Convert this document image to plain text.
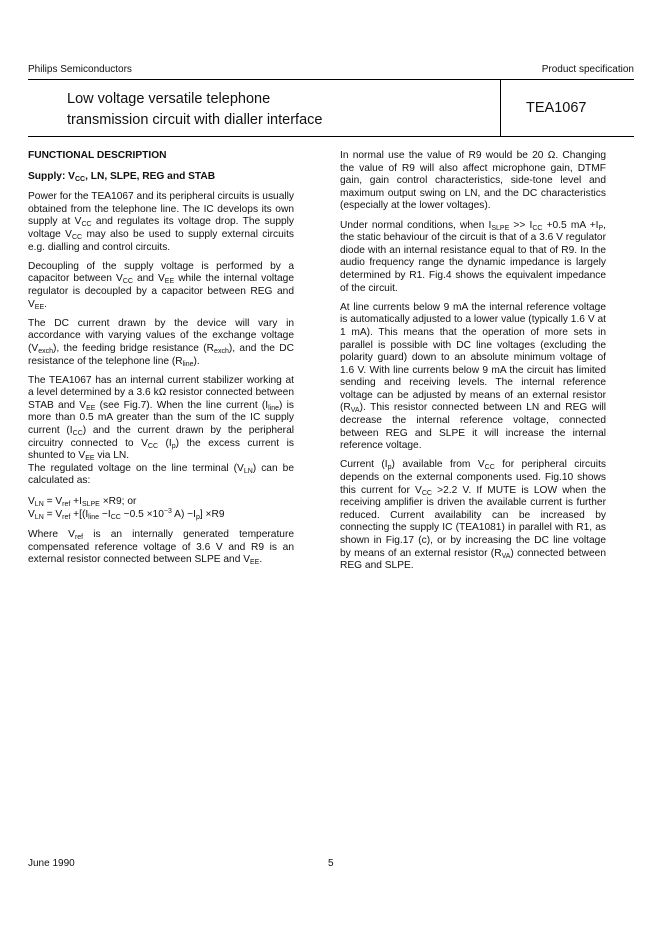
Philips Semiconductors	Product specification
Low voltage versatile telephone
transmission circuit with dialler interface
TEA1067
FUNCTIONAL DESCRIPTION
Supply: $V_{CC}$, LN, SLPE, REG and STAB

Power for the TEA1067 and its peripheral circuits is usually obtained from the telephone line. The IC develops its own supply at $V_{CC}$ and regulates its voltage drop. The supply voltage $V_{CC}$ may also be used to supply external circuits e.g. dialling and control circuits.

Decoupling of the supply voltage is performed by a capacitor between $V_{CC}$ and $V_{EE}$ while the internal voltage regulator is decoupled by a capacitor between REG and $V_{EE}$.

The DC current drawn by the device will vary in accordance with varying values of the exchange voltage $(V_{exch})$, the feeding bridge resistance $(R_{exch})$, and the DC resistance of the telephone line $(R_{line})$.

The TEA1067 has an internal current stabilizer working at a level determined by a 3.6 kΩ resistor connected between STAB and $V_{EE}$ (see Fig.7). When the line current $(I_{line})$ is more than 0.5 mA greater than the sum of the IC supply current $(I_{CC})$ and the current drawn by the peripheral circuitry connected to $V_{CC}$ $(I_p)$ the excess current is shunted to $V_{EE}$ via LN.

The regulated voltage on the line terminal $(V_{LN})$ can be calculated as:

$V_{LN} = V_{ref} +I_{SLPE} \times R9$; or
$V_{LN} = V_{ref} +[(I_{line} -I_{CC} -0.5 \times 10^{-3}$ $A) -I_p] \times R9$

Where $V_{ref}$ is an internally generated temperature compensated reference voltage of 3.6 V and R9 is an external resistor connected between SLPE and $V_{EE}$.

In normal use the value of R9 would be 20 Ω. Changing the value of R9 will also affect microphone gain, DTMF gain, gain control characteristics, side-tone level and maximum output swing on LN, and the DC characteristics (especially at the lower voltages).

Under normal conditions, when $I_{SLPE} >> I_{CC} +0.5$ mA $+I_P$, the static behaviour of the circuit is that of a 3.6 V regulator diode with an internal resistance equal to that of R9. In the audio frequency range the dynamic impedance is largely determined by R1. Fig.4 shows the equivalent impedance of the circuit.

At line currents below 9 mA the internal reference voltage is automatically adjusted to a lower value (typically 1.6 V at 1 mA). This means that the operation of more sets in parallel is possible with DC line voltages (excluding the polarity guard) down to an absolute minimum voltage of 1.6 V. With line currents below 9 mA the circuit has limited sending and receiving levels. The internal reference voltage can be adjusted by means of an external resistor $(R_{VA})$. This resistor connected between LN and REG will decrease the internal reference voltage, connected between REG and SLPE it will increase the internal reference voltage.

Current $(I_p)$ available from $V_{CC}$ for peripheral circuits depends on the external components used. Fig.10 shows this current for $V_{CC} >2.2$ V. If MUTE is LOW when the receiving amplifier is driven the available current is further reduced. Current availability can be increased by connecting the supply IC (TEA1081) in parallel with R1, as shown in Fig.17 (c), or by increasing the DC line voltage by means of an external resistor $(R_{VA})$ connected between REG and SLPE.

June 1990	5
